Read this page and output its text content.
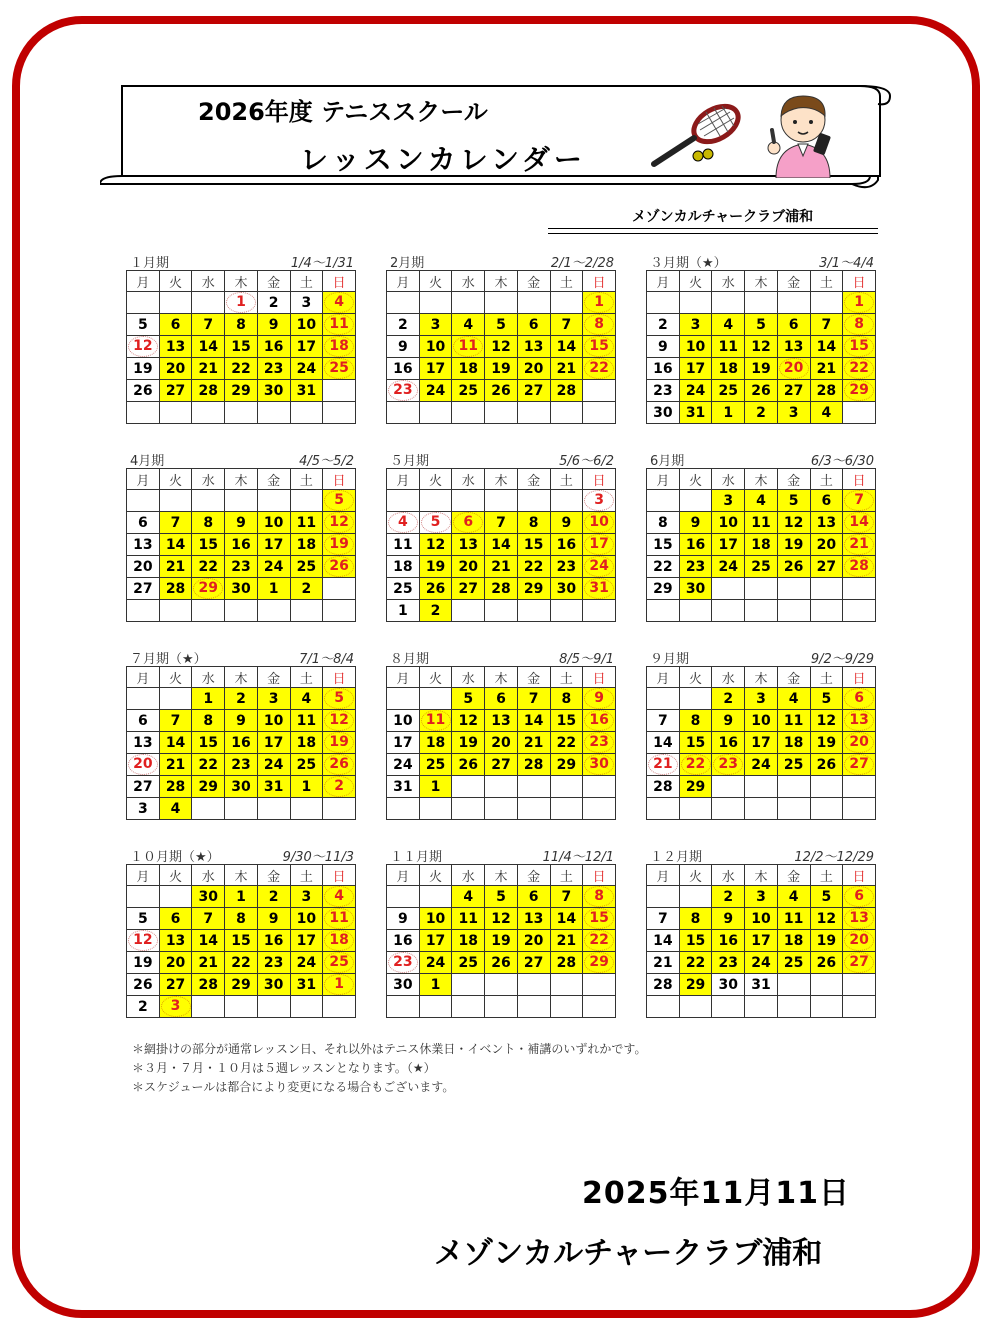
2026年度 テニススクール
レッスンカレンダー
メゾンカルチャークラブ浦和
１月期	1/4〜1/31
月	火	水	木	金	土	日
			1	2	3	4
5	6	7	8	9	10	11
12	13	14	15	16	17	18
19	20	21	22	23	24	25
26	27	28	29	30	31	

2月期	2/1〜2/28
月	火	水	木	金	土	日
						1
2	3	4	5	6	7	8
9	10	11	12	13	14	15
16	17	18	19	20	21	22
23	24	25	26	27	28	

３月期（★）	3/1〜4/4
月	火	水	木	金	土	日
						1
2	3	4	5	6	7	8
9	10	11	12	13	14	15
16	17	18	19	20	21	22
23	24	25	26	27	28	29
30	31	1	2	3	4	
4月期	4/5〜5/2
月	火	水	木	金	土	日
						5
6	7	8	9	10	11	12
13	14	15	16	17	18	19
20	21	22	23	24	25	26
27	28	29	30	1	2	

５月期	5/6〜6/2
月	火	水	木	金	土	日
						3
4	5	6	7	8	9	10
11	12	13	14	15	16	17
18	19	20	21	22	23	24
25	26	27	28	29	30	31
1	2					
6月期	6/3〜6/30
月	火	水	木	金	土	日
		3	4	5	6	7
8	9	10	11	12	13	14
15	16	17	18	19	20	21
22	23	24	25	26	27	28
29	30					

７月期（★）	7/1〜8/4
月	火	水	木	金	土	日
		1	2	3	4	5
6	7	8	9	10	11	12
13	14	15	16	17	18	19
20	21	22	23	24	25	26
27	28	29	30	31	1	2
3	4					
８月期	8/5〜9/1
月	火	水	木	金	土	日
		5	6	7	8	9
10	11	12	13	14	15	16
17	18	19	20	21	22	23
24	25	26	27	28	29	30
31	1					

９月期	9/2〜9/29
月	火	水	木	金	土	日
		2	3	4	5	6
7	8	9	10	11	12	13
14	15	16	17	18	19	20
21	22	23	24	25	26	27
28	29					

１０月期（★）	9/30〜11/3
月	火	水	木	金	土	日
		30	1	2	3	4
5	6	7	8	9	10	11
12	13	14	15	16	17	18
19	20	21	22	23	24	25
26	27	28	29	30	31	1
2	3					
１１月期	11/4〜12/1
月	火	水	木	金	土	日
		4	5	6	7	8
9	10	11	12	13	14	15
16	17	18	19	20	21	22
23	24	25	26	27	28	29
30	1					

１２月期	12/2〜12/29
月	火	水	木	金	土	日
		2	3	4	5	6
7	8	9	10	11	12	13
14	15	16	17	18	19	20
21	22	23	24	25	26	27
28	29	30	31			

＊網掛けの部分が通常レッスン日、それ以外はテニス休業日・イベント・補講のいずれかです。
＊３月・７月・１０月は５週レッスンとなります。（★）
＊スケジュールは都合により変更になる場合もございます。
2025年11月11日
メゾンカルチャークラブ浦和
